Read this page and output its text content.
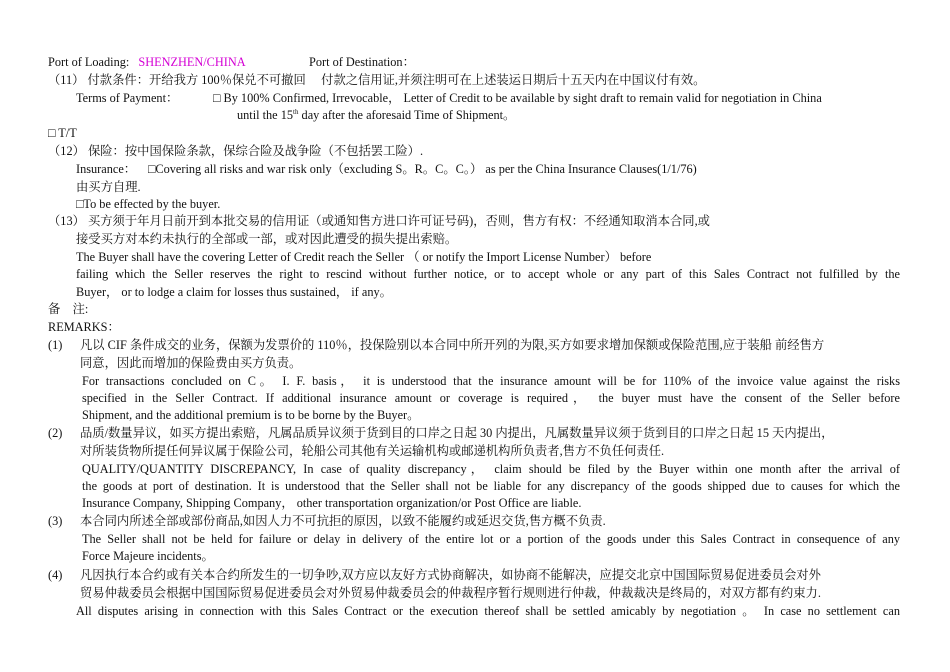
Port of Loading: SHENZHEN/CHINA	Port of Destination：
（11） 付款条件：开给我方 100％保兑不可撤回　 付款之信用证,并须注明可在上述装运日期后十五天内在中国议付有效。
Terms of Payment：	□ By 100% Confirmed, Irrevocable， Letter of Credit to be available by sight draft to remain valid for negotiation in China
until the 15th day after the aforesaid Time of Shipment。
□ T/T
（12） 保险：按中国保险条款，保综合险及战争险（不包括罢工险）.
Insurance： □Covering all risks and war risk only（excluding S。R。C。C。） as per the China Insurance Clauses(1/1/76)
由买方自理.
□To be effected by the buyer.
（13） 买方须于年月日前开到本批交易的信用证（或通知售方进口许可证号码)，否则，售方有权：不经通知取消本合同,或
接受买方对本约未执行的全部或一部，或对因此遭受的损失提出索赔。
The Buyer shall have the covering Letter of Credit reach the Seller （ or notify the Import License Number） before
failing which the Seller reserves the right to rescind without further notice, or to accept whole or any part of this Sales Contract not fulfilled by the
Buyer， or to lodge a claim for losses thus sustained， if any。
备　注:
REMARKS：
(1) 凡以 CIF 条件成交的业务，保额为发票价的 110％，投保险别以本合同中所开列的为限,买方如要求增加保额或保险范围,应于装船 前经售方
同意，因此而增加的保险费由买方负责。
For transactions concluded on C。 I. F. basis， it is understood that the insurance amount will be for 110% of the invoice value against the risks
specified in the Seller Contract. If additional insurance amount or coverage is required， the buyer must have the consent of the Seller before
Shipment, and the additional premium is to be borne by the Buyer。
(2) 品质/数量异议，如买方提出索赔，凡属品质异议须于货到目的口岸之日起 30 内提出，凡属数量异议须于货到目的口岸之日起 15 天内提出，
对所装货物所提任何异议属于保险公司，轮船公司其他有关运输机构或邮递机构所负责者,售方不负任何责任.
QUALITY/QUANTITY DISCREPANCY, In case of quality discrepancy， claim should be filed by the Buyer within one month after the arrival of
the goods at port of destination. It is understood that the Seller shall not be liable for any discrepancy of the goods shipped due to causes for which the
Insurance Company, Shipping Company， other transportation organization/or Post Office are liable.
(3) 本合同内所述全部或部份商品,如因人力不可抗拒的原因，以致不能履约或延迟交货,售方概不负责.
The Seller shall not be held for failure or delay in delivery of the entire lot or a portion of the goods under this Sales Contract in consequence of any
Force Majeure incidents。
(4) 凡因执行本合约或有关本合约所发生的一切争吵,双方应以友好方式协商解决，如协商不能解决，应提交北京中国国际贸易促进委员会对外
贸易仲裁委员会根据中国国际贸易促进委员会对外贸易仲裁委员会的仲裁程序暂行规则进行仲裁，仲裁裁决是终局的，对双方都有约束力.
All disputes arising in connection with this Sales Contract or the execution thereof shall be settled amicably by negotiation 。 In case no settlement can
